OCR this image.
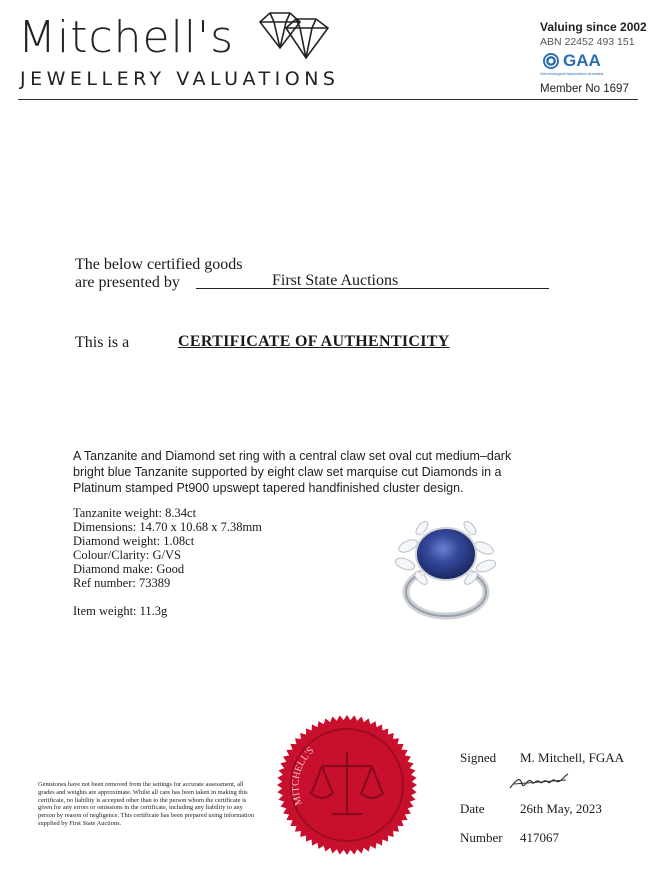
Mitchell's
JEWELLERY VALUATIONS
Valuing since 2002
ABN 22452 493 151
GAA
Gemmological Association Australia
Member No 1697
The below certified goods
are presented by	First State Auctions
This is a	CERTIFICATE OF AUTHENTICITY
A Tanzanite and Diamond set ring with a central claw set oval cut medium–dark bright blue Tanzanite supported by eight claw set marquise cut Diamonds in a Platinum stamped Pt900 upswept tapered handfinished cluster design.
Tanzanite weight: 8.34ct
Dimensions: 14.70 x 10.68 x 7.38mm
Diamond weight: 1.08ct
Colour/Clarity: G/VS
Diamond make: Good
Ref number: 73389
Item weight: 11.3g
MITCHELL'S
Gemstones have not been removed from the settings for accurate assessment, all grades and weights are approximate. Whilst all care has been taken in making this certificate, no liability is accepted other than to the person whom the certificate is given for any errors or omissions in the certificate, including any liability to any person by reason of negligence. This certificate has been prepared using information supplied by First State Auctions.
Signed M. Mitchell, FGAA
Date	26th May, 2023
Number 417067
